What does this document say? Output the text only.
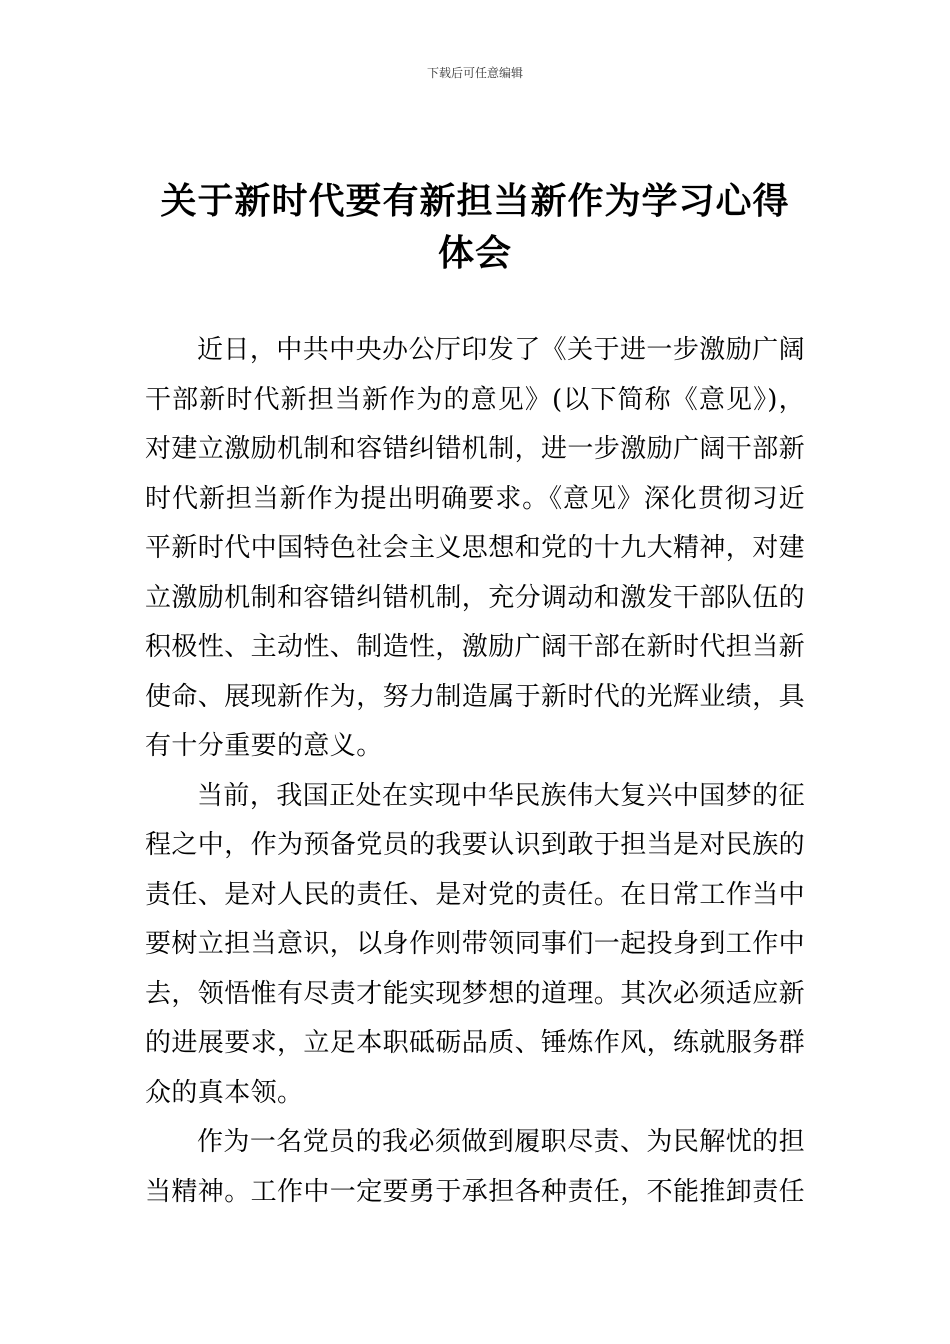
下载后可任意编辑
关于新时代要有新担当新作为学习心得体会

近日，中共中央办公厅印发了《关于进一步激励广阔干部新时代新担当新作为的意见》(以下简称《意见》)，对建立激励机制和容错纠错机制，进一步激励广阔干部新时代新担当新作为提出明确要求。《意见》深化贯彻习近平新时代中国特色社会主义思想和党的十九大精神，对建立激励机制和容错纠错机制，充分调动和激发干部队伍的积极性、主动性、制造性，激励广阔干部在新时代担当新使命、展现新作为，努力制造属于新时代的光辉业绩，具有十分重要的意义。

当前，我国正处在实现中华民族伟大复兴中国梦的征程之中，作为预备党员的我要认识到敢于担当是对民族的责任、是对人民的责任、是对党的责任。在日常工作当中要树立担当意识，以身作则带领同事们一起投身到工作中去，领悟惟有尽责才能实现梦想的道理。其次必须适应新的进展要求，立足本职砥砺品质、锤炼作风，练就服务群众的真本领。

作为一名党员的我必须做到履职尽责、为民解忧的担当精神。工作中一定要勇于承担各种责任，不能推卸责任
